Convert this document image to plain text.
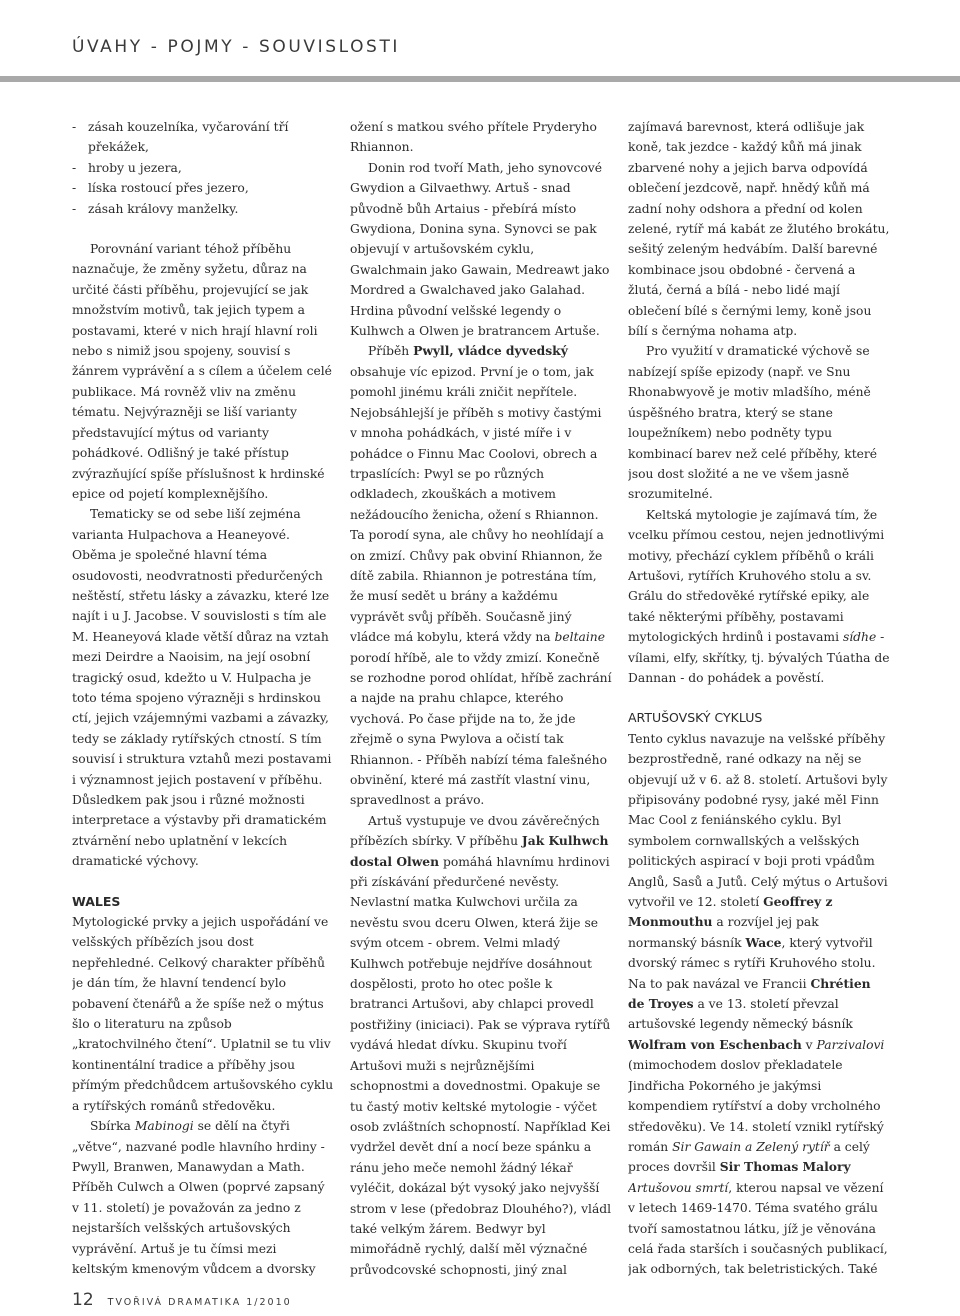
ÚVAHY - POJMY - SOUVISLOSTI
- zásah kouzelníka, vyčarování tří překážek,
- hroby u jezera,
- líska rostoucí přes jezero,
- zásah královy manželky.

Porovnání variant téhož příběhu naznačuje, že změny syžetu, důraz na určité části příběhu, projevující se jak množstvím motivů, tak jejich typem a postavami, které v nich hrají hlavní roli nebo s nimiž jsou spojeny, souvisí s žánrem vyprávění a s cílem a účelem celé publikace. Má rovněž vliv na změnu tématu. Nejvýrazněji se liší varianty představující mýtus od varianty pohádkové. Odlišný je také přístup zvýrazňující spíše příslušnost k hrdinské epice od pojetí komplexnějšího.

Tematicky se od sebe liší zejména varianta Hulpachova a Heaneyové. Oběma je společné hlavní téma osudovosti, neodvratnosti předurčených neštěstí, střetu lásky a závazku, které lze najít i u J. Jacobse. V souvislosti s tím ale M. Heaneyová klade větší důraz na vztah mezi Deirdre a Naoisim, na její osobní tragický osud, kdežto u V. Hulpacha je toto téma spojeno výrazněji s hrdinskou ctí, jejich vzájemnými vazbami a závazky, tedy se základy rytířských ctností. S tím souvisí i struktura vztahů mezi postavami i významnost jejich postavení v příběhu. Důsledkem pak jsou i různé možnosti interpretace a výstavby při dramatickém ztvárnění nebo uplatnění v lekcích dramatické výchovy.

WALES

Mytologické prvky a jejich uspořádání ve velšských příbězích jsou dost nepřehledné. Celkový charakter příběhů je dán tím, že hlavní tendencí bylo pobavení čtenářů a že spíše než o mýtus šlo o literaturu na způsob „kratochvilného čtení“. Uplatnil se tu vliv kontinentální tradice a příběhy jsou přímým předchůdcem artušovského cyklu a rytířských románů středověku.

Sbírka Mabinogi se dělí na čtyři „větve“, nazvané podle hlavního hrdiny - Pwyll, Branwen, Manawydan a Math. Příběh Culwch a Olwen (poprvé zapsaný v 11. století) je považován za jedno z nejstarších velšských artušovských vyprávění. Artuš je tu čímsi mezi keltským kmenovým vůdcem a dvorsky

ožení s matkou svého přítele Pryderyho Rhiannon.

Donin rod tvoří Math, jeho synovcové Gwydion a Gilvaethwy. Artuš - snad původně bůh Artaius - přebírá místo Gwydiona, Donina syna. Synovci se pak objevují v artušovském cyklu, Gwalchmain jako Gawain, Medreawt jako Mordred a Gwalchaved jako Galahad. Hrdina původní velšské legendy o Kulhwch a Olwen je bratrancem Artuše.

Příběh Pwyll, vládce dyvedský obsahuje víc epizod. První je o tom, jak pomohl jinému králi zničit nepřítele. Nejobsáhlejší je příběh s motivy častými v mnoha pohádkách, v jisté míře i v pohádce o Finnu Mac Coolovi, obrech a trpaslících: Pwyl se po různých odkladech, zkouškách a motivem nežádoucího ženicha, ožení s Rhiannon. Ta porodí syna, ale chůvy ho neohlídají a on zmizí. Chůvy pak obviní Rhiannon, že dítě zabila. Rhiannon je potrestána tím, že musí sedět u brány a každému vyprávět svůj příběh. Současně jiný vládce má kobylu, která vždy na beltaine porodí hříbě, ale to vždy zmizí. Konečně se rozhodne porod ohlídat, hříbě zachrání a najde na prahu chlapce, kterého vychová. Po čase přijde na to, že jde zřejmě o syna Pwylova a očistí tak Rhiannon. - Příběh nabízí téma falešného obvinění, které má zastřít vlastní vinu, spravedlnost a právo.

Artuš vystupuje ve dvou závěrečných příbězích sbírky. V příběhu Jak Kulhwch dostal Olwen pomáhá hlavnímu hrdinovi při získávání předurčené nevěsty. Nevlastní matka Kulwchovi určila za nevěstu svou dceru Olwen, která žije se svým otcem - obrem. Velmi mladý Kulhwch potřebuje nejdříve dosáhnout dospělosti, proto ho otec pošle k bratranci Artušovi, aby chlapci provedl postřižiny (iniciaci). Pak se výprava rytířů vydává hledat dívku. Skupinu tvoří Artušovi muži s nejrůznějšími schopnostmi a dovednostmi. Opakuje se tu častý motiv keltské mytologie - výčet osob zvláštních schopností. Například Kei vydržel devět dní a nocí beze spánku a ránu jeho meče nemohl žádný lékař vyléčit, dokázal být vysoký jako nejvyšší strom v lese (předobraz Dlouhého?), vládl také velkým žárem. Bedwyr byl mimořádně rychlý, další měl význačné průvodcovské schopnosti, jiný znal

zajímavá barevnost, která odlišuje jak koně, tak jezdce - každý kůň má jinak zbarvené nohy a jejich barva odpovídá oblečení jezdcově, např. hnědý kůň má zadní nohy odshora a přední od kolen zelené, rytíř má kabát ze žlutého brokátu, sešitý zeleným hedvábím. Další barevné kombinace jsou obdobné - červená a žlutá, černá a bílá - nebo lidé mají oblečení bílé s černými lemy, koně jsou bílí s černýma nohama atp.

Pro využití v dramatické výchově se nabízejí spíše epizody (např. ve Snu Rhonabwyově je motiv mladšího, méně úspěšného bratra, který se stane loupežníkem) nebo podněty typu kombinací barev než celé příběhy, které jsou dost složité a ne ve všem jasně srozumitelné.

Keltská mytologie je zajímavá tím, že vcelku přímou cestou, nejen jednotlivými motivy, přechází cyklem příběhů o králi Artušovi, rytířích Kruhového stolu a sv. Grálu do středověké rytířské epiky, ale také některými příběhy, postavami mytologických hrdinů i postavami sídhe - vílami, elfy, skřítky, tj. bývalých Túatha de Dannan - do pohádek a pověstí.

ARTUŠOVSKÝ CYKLUS

Tento cyklus navazuje na velšské příběhy bezprostředně, rané odkazy na něj se objevují už v 6. až 8. století. Artušovi byly připisovány podobné rysy, jaké měl Finn Mac Cool z feniánského cyklu. Byl symbolem cornwallských a velšských politických aspirací v boji proti vpádům Anglů, Sasů a Jutů. Celý mýtus o Artušovi vytvořil ve 12. století Geoffrey z Monmouthu a rozvíjel jej pak normanský básník Wace, který vytvořil dvorský rámec s rytíři Kruhového stolu. Na to pak navázal ve Francii Chrétien de Troyes a ve 13. století převzal artušovské legendy německý básník Wolfram von Eschenbach v Parzivalovi (mimochodem doslov překladatele Jindřicha Pokorného je jakýmsi kompendiem rytířství a doby vrcholného středověku). Ve 14. století vznikl rytířský román Sir Gawain a Zelený rytíř a celý proces dovršil Sir Thomas Malory Artušovou smrtí, kterou napsal ve vězení v letech 1469-1470. Téma svatého grálu tvoří samostatnou látku, jíž je věnována celá řada starších i současných publikací, jak odborných, tak beletristických. Také

12 TVOŘIVÁ DRAMATIKA 1/2010
